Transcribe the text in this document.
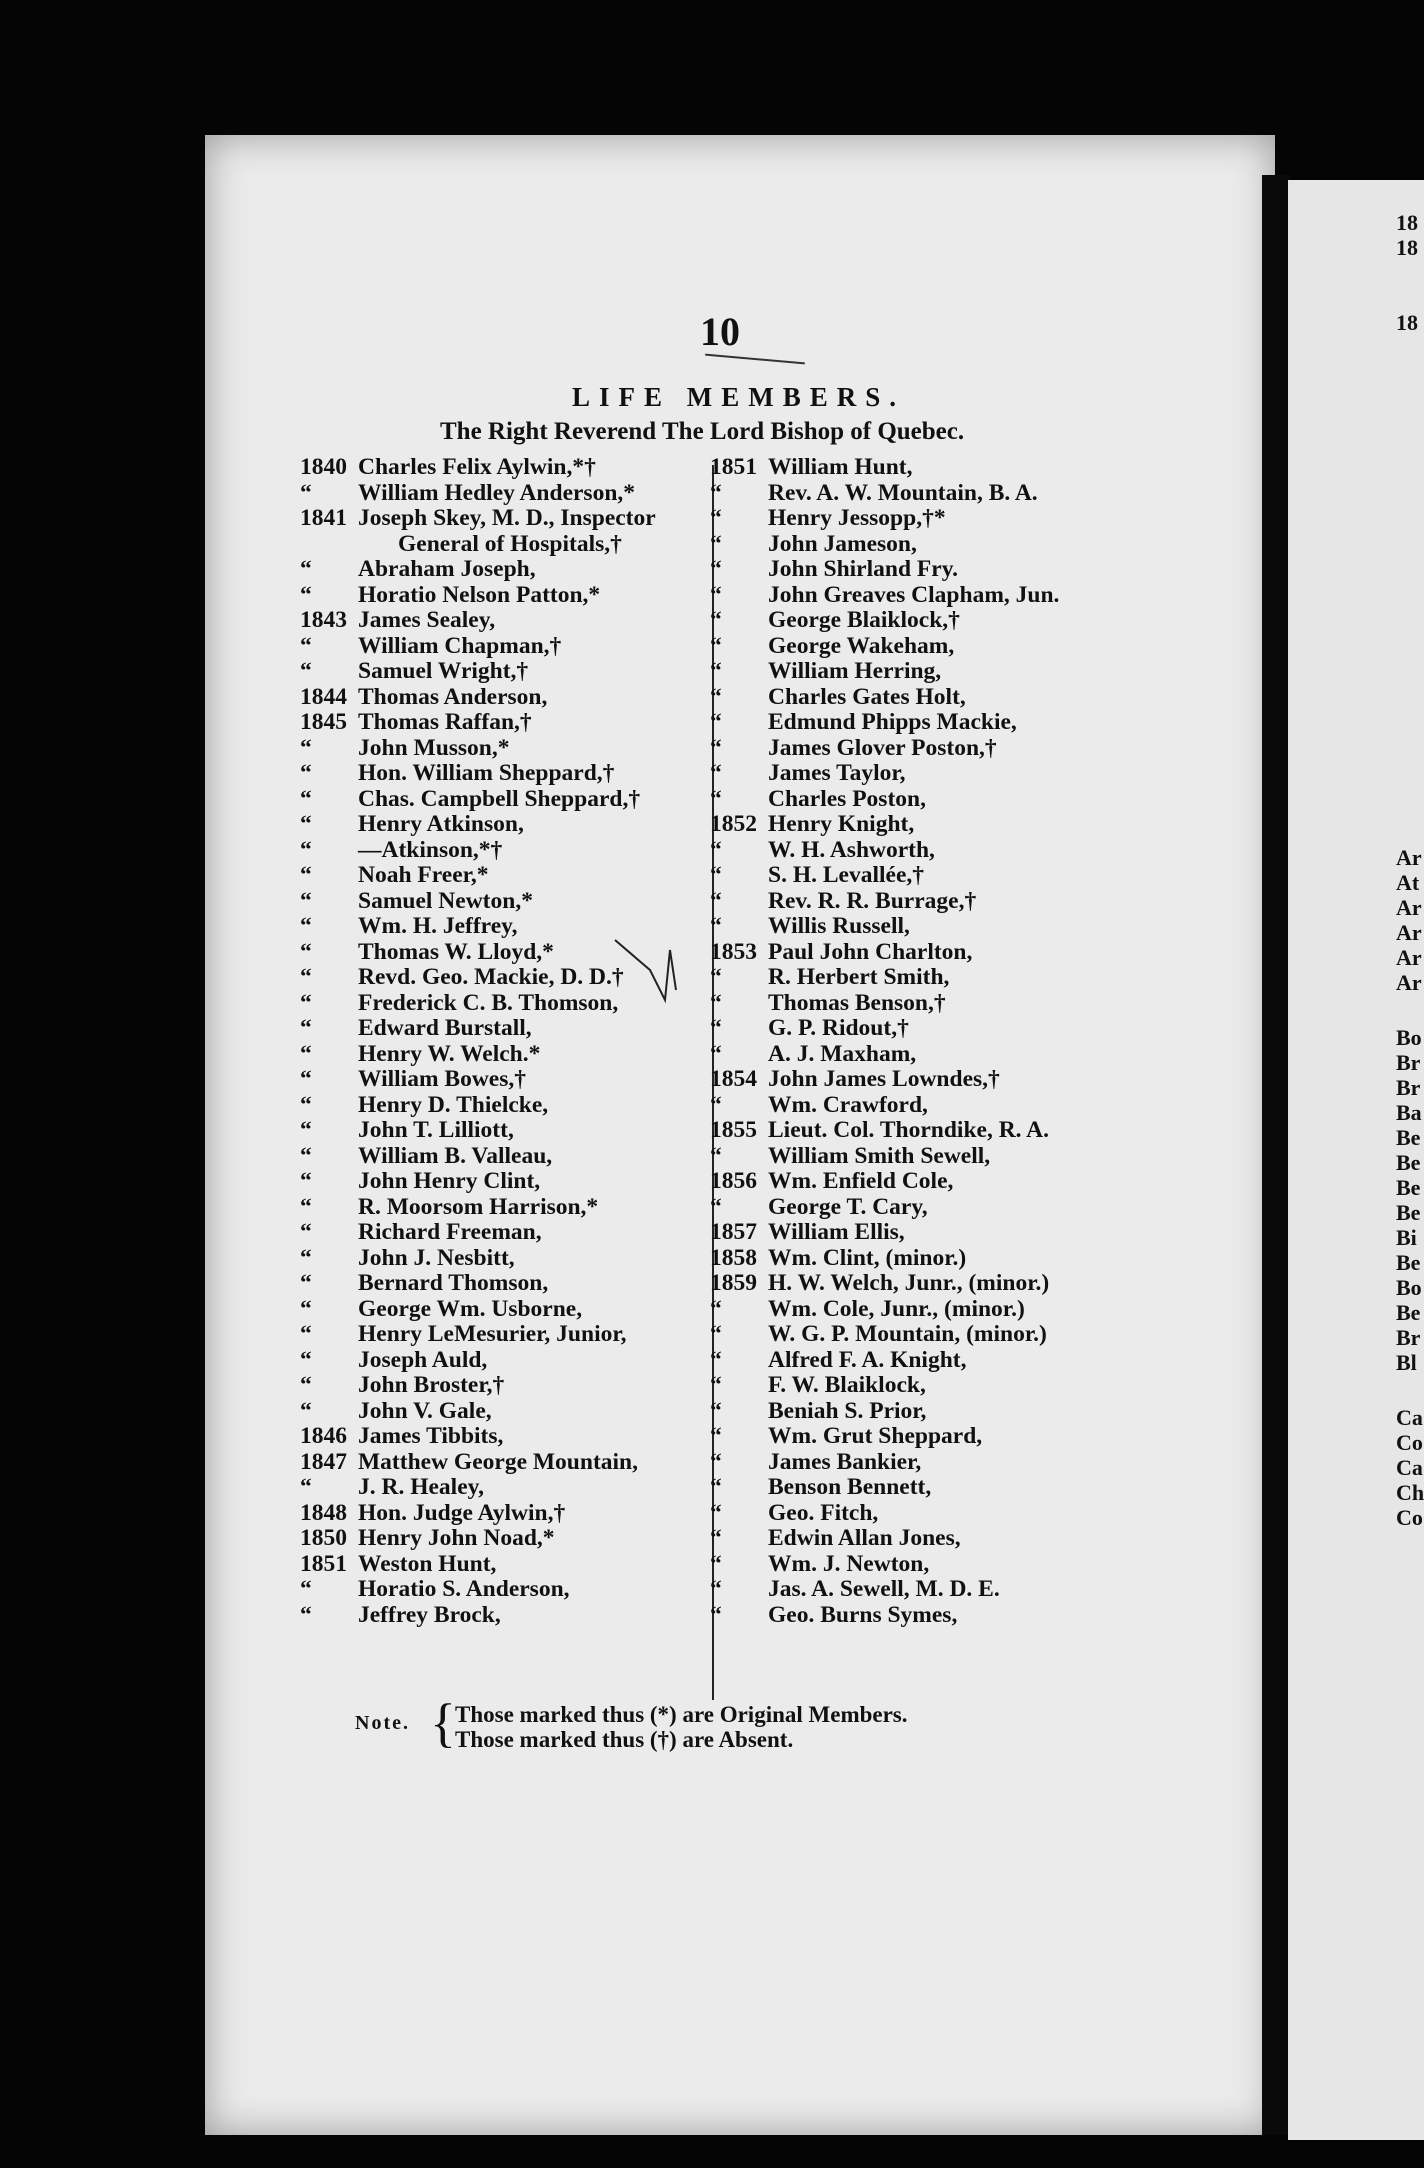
18
18
18
Ar
At
Ar
Ar
Ar
Ar
Bo
Br
Br
Ba
Be
Be
Be
Be
Bi
Be
Bo
Be
Br
Bl
Ca
Co
Ca
Ch
Co
10
LIFE MEMBERS.
The Right Reverend The Lord Bishop of Quebec.
1840 Charles Felix Aylwin,*†
“ William Hedley Anderson,*
1841 Joseph Skey, M. D., Inspector
General of Hospitals,†
“ Abraham Joseph,
“ Horatio Nelson Patton,*
1843 James Sealey,
“ William Chapman,†
“ Samuel Wright,†
1844 Thomas Anderson,
1845 Thomas Raffan,†
“ John Musson,*
“ Hon. William Sheppard,†
“ Chas. Campbell Sheppard,†
“ Henry Atkinson,
“ —Atkinson,*†
“ Noah Freer,*
“ Samuel Newton,*
“ Wm. H. Jeffrey,
“ Thomas W. Lloyd,*
“ Revd. Geo. Mackie, D. D.†
“ Frederick C. B. Thomson,
“ Edward Burstall,
“ Henry W. Welch.*
“ William Bowes,†
“ Henry D. Thielcke,
“ John T. Lilliott,
“ William B. Valleau,
“ John Henry Clint,
“ R. Moorsom Harrison,*
“ Richard Freeman,
“ John J. Nesbitt,
“ Bernard Thomson,
“ George Wm. Usborne,
“ Henry LeMesurier, Junior,
“ Joseph Auld,
“ John Broster,†
“ John V. Gale,
1846 James Tibbits,
1847 Matthew George Mountain,
“ J. R. Healey,
1848 Hon. Judge Aylwin,†
1850 Henry John Noad,*
1851 Weston Hunt,
“ Horatio S. Anderson,
“ Jeffrey Brock,
1851 William Hunt,
“ Rev. A. W. Mountain, B. A.
“ Henry Jessopp,†*
“ John Jameson,
“ John Shirland Fry.
“ John Greaves Clapham, Jun.
“ George Blaiklock,†
“ George Wakeham,
“ William Herring,
“ Charles Gates Holt,
“ Edmund Phipps Mackie,
“ James Glover Poston,†
“ James Taylor,
“ Charles Poston,
1852 Henry Knight,
“ W. H. Ashworth,
“ S. H. Levallée,†
“ Rev. R. R. Burrage,†
“ Willis Russell,
1853 Paul John Charlton,
“ R. Herbert Smith,
“ Thomas Benson,†
“ G. P. Ridout,†
“ A. J. Maxham,
1854 John James Lowndes,†
“ Wm. Crawford,
1855 Lieut. Col. Thorndike, R. A.
“ William Smith Sewell,
1856 Wm. Enfield Cole,
“ George T. Cary,
1857 William Ellis,
1858 Wm. Clint, (minor.)
1859 H. W. Welch, Junr., (minor.)
“ Wm. Cole, Junr., (minor.)
“ W. G. P. Mountain, (minor.)
“ Alfred F. A. Knight,
“ F. W. Blaiklock,
“ Beniah S. Prior,
“ Wm. Grut Sheppard,
“ James Bankier,
“ Benson Bennett,
“ Geo. Fitch,
“ Edwin Allan Jones,
“ Wm. J. Newton,
“ Jas. A. Sewell, M. D. E.
“ Geo. Burns Symes,
Note. { Those marked thus (*) are Original Members.
Those marked thus (†) are Absent.
